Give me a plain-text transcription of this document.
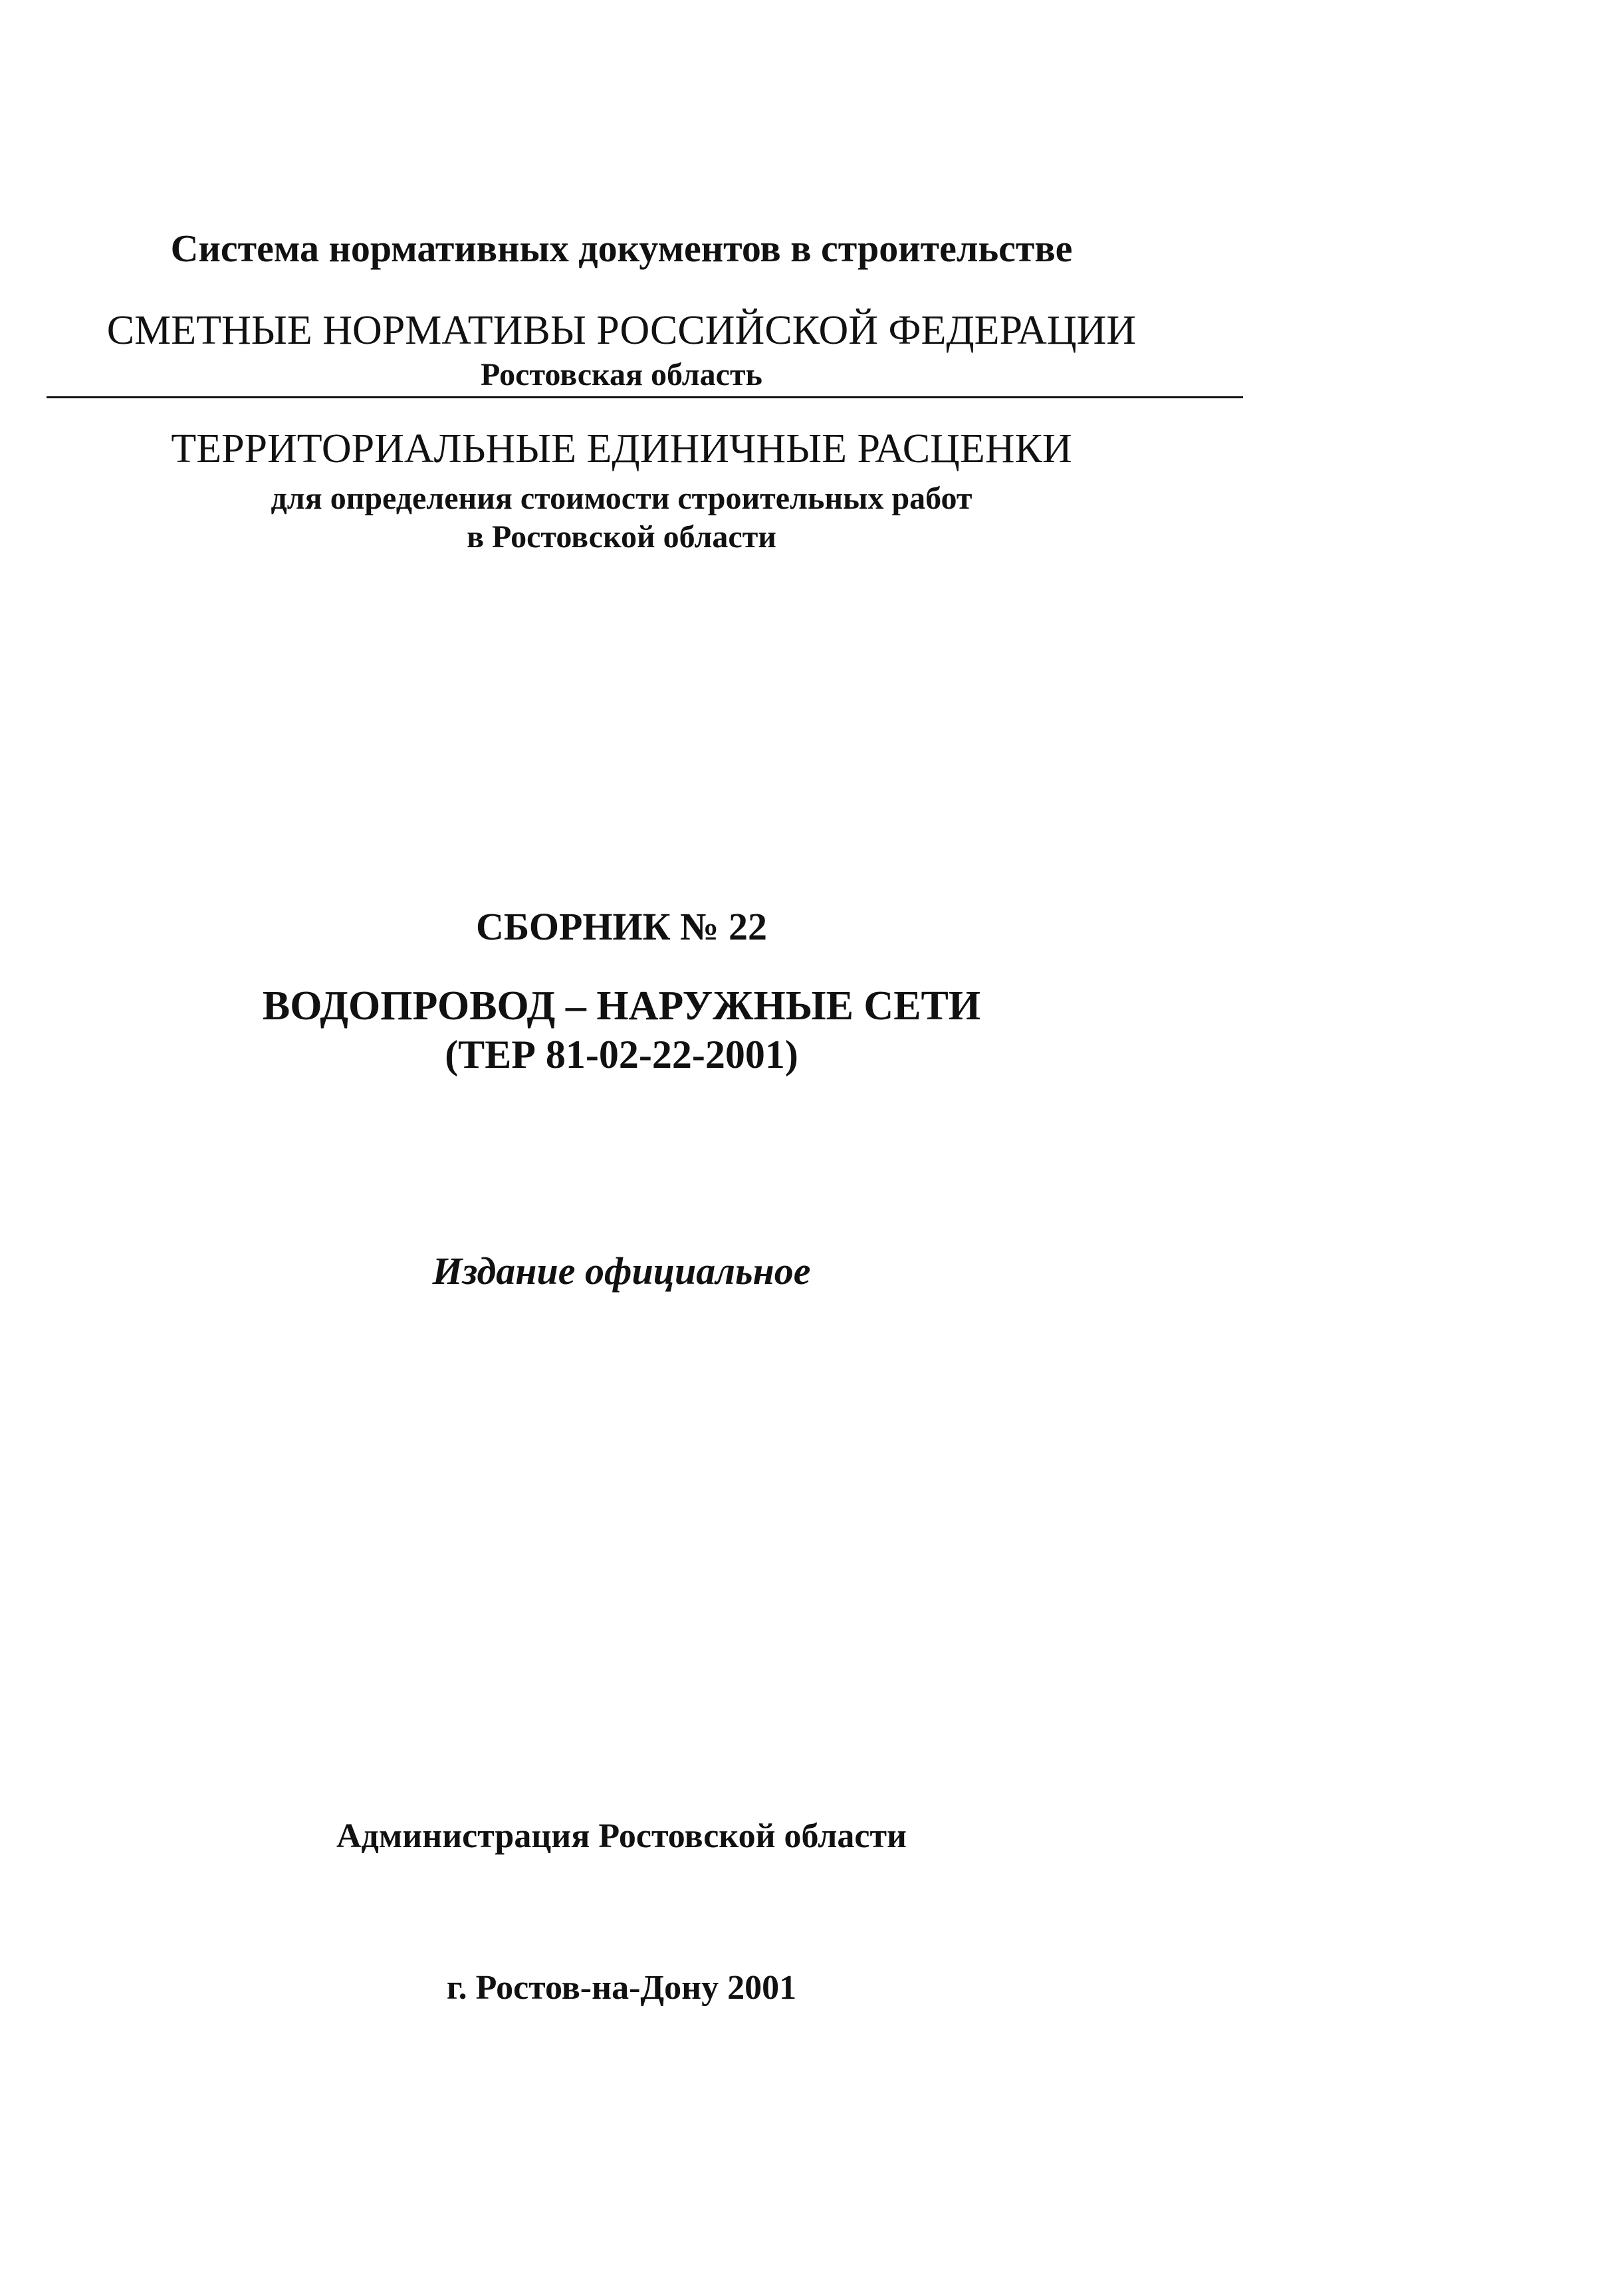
Система нормативных документов в строительстве
СМЕТНЫЕ НОРМАТИВЫ РОССИЙСКОЙ ФЕДЕРАЦИИ
Ростовская область
ТЕРРИТОРИАЛЬНЫЕ ЕДИНИЧНЫЕ РАСЦЕНКИ
для определения стоимости строительных работ
в Ростовской области
СБОРНИК № 22
ВОДОПРОВОД – НАРУЖНЫЕ СЕТИ
(ТЕР 81-02-22-2001)
Издание официальное
Администрация Ростовской области
г. Ростов-на-Дону 2001
